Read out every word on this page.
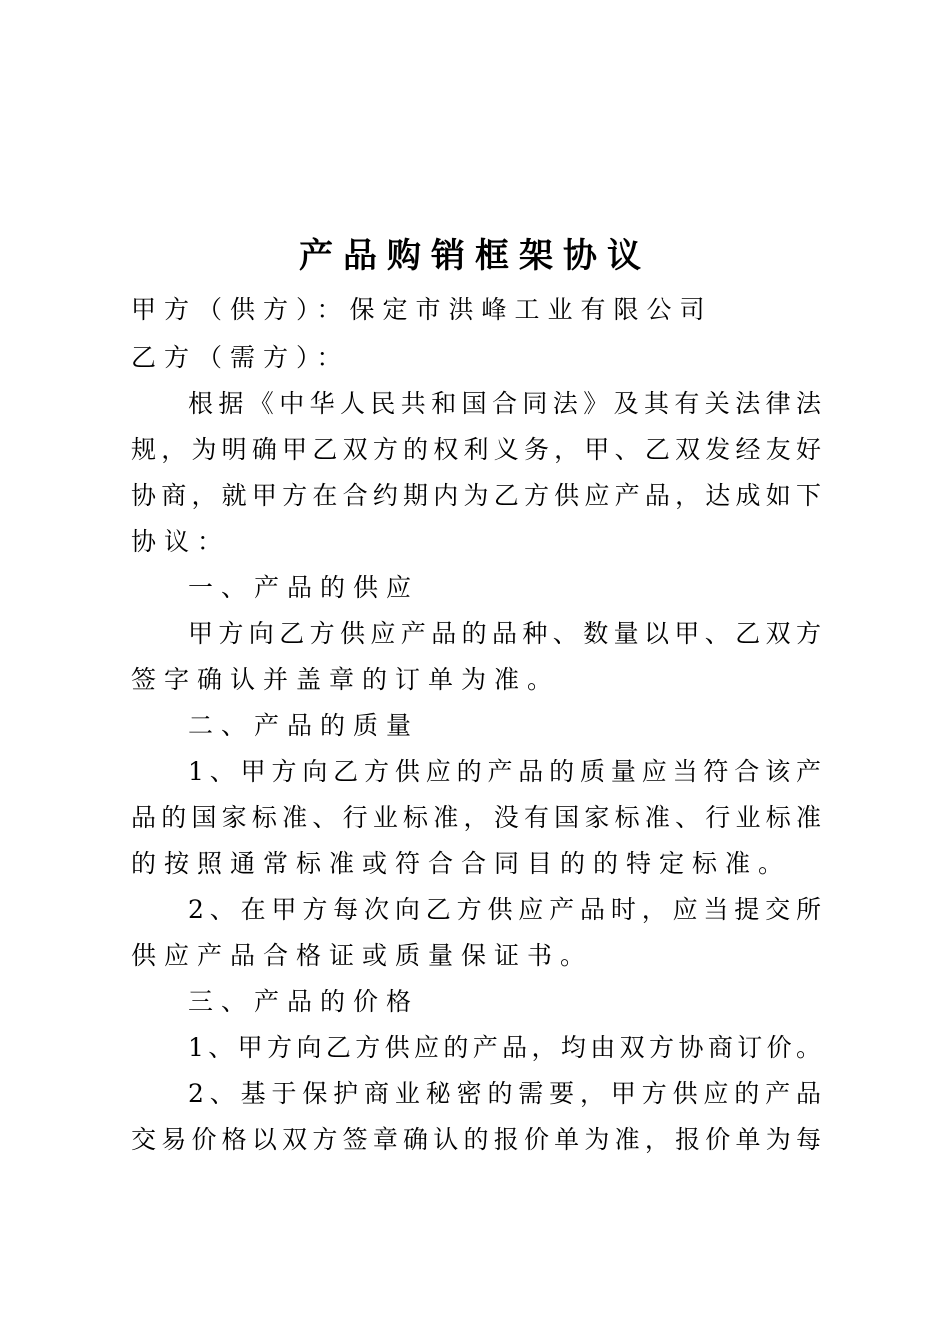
产品购销框架协议
甲方（供方）：保定市洪峰工业有限公司
乙方（需方）：
根据《中华人民共和国合同法》及其有关法律法
规，为明确甲乙双方的权利义务，甲、乙双发经友好
协商，就甲方在合约期内为乙方供应产品，达成如下
协议：
一、产品的供应
甲方向乙方供应产品的品种、数量以甲、乙双方
签字确认并盖章的订单为准。
二、产品的质量
1、甲方向乙方供应的产品的质量应当符合该产
品的国家标准、行业标准，没有国家标准、行业标准
的按照通常标准或符合合同目的的特定标准。
2、在甲方每次向乙方供应产品时，应当提交所
供应产品合格证或质量保证书。
三、产品的价格
1、甲方向乙方供应的产品，均由双方协商订价。
2、基于保护商业秘密的需要，甲方供应的产品
交易价格以双方签章确认的报价单为准，报价单为每
